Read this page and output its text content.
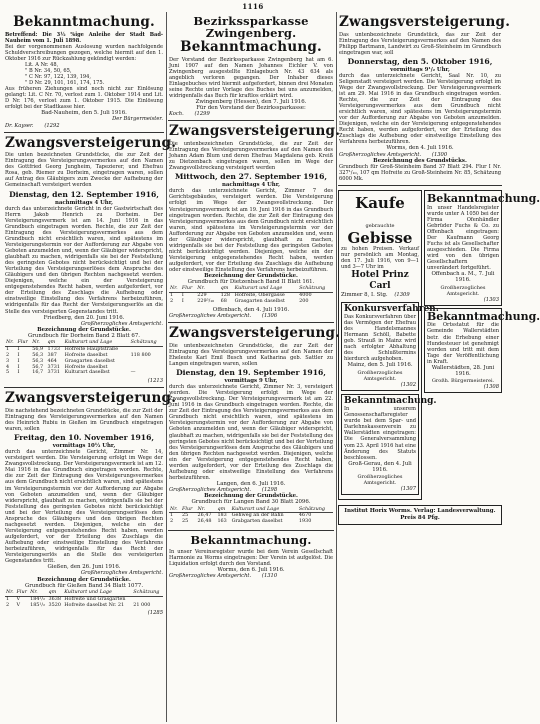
1116
Bekanntmachung.

Betreffend: Die 3½ %ige Anleihe der Stadt Bad-Nauheim vom 1. Juli 1898.

Bei der vorgenommenen Auslosung wurden nachfolgende Schuldverschreibungen gezogen, welche hiermit auf den 1. Oktober 1916 zur Rückzahlung gekündigt werden:

Lit. A Nr. 48,
" B Nr. 34, 50, 65,
" C Nr. 97, 122, 139, 194,
" D Nr. 29, 101, 161, 174, 175.

Aus früheren Ziehungen sind noch nicht zur Einlösung gelangt: Lit. C Nr. 70, verlost zum 1. Oktober 1914 und Lit. D Nr. 176, verlost zum 1. Oktober 1915. Die Einlösung erfolgt bei der Stadtkasse hier.

Bad-Nauheim, den 5. Juli 1916.

Der Bürgermeister.

Dr. Kayser.	(1292

Zwangsversteigerung.

Die unten bezeichneten Grundstücke, die zur Zeit der Eintragung des Versteigerungsvermerkes auf den Namen des Gottfried Georg Jungheim, Tapezierer, und Ehefrau Rosa, geb. Riemer zu Dorheim, eingetragen waren, sollen auf Antrag des Gläubigers zum Zwecke der Aufhebung der Gemeinschaft versteigert werden

Dienstag, den 12. September 1916,

nachmittags 4 Uhr,

durch das unterzeichnete Gericht in der Gastwirtschaft des Herrn Jakob Henrich zu Dorheim. Der Versteigerungsvermerk ist am 14. Juni 1916 in das Grundbuch eingetragen worden. Rechte, die zur Zeit der Eintragung des Versteigerungsvermerkes aus dem Grundbuch nicht ersichtlich waren, sind spätestens im Versteigerungstermin vor der Aufforderung zur Abgabe von Geboten anzumelden und, wenn der Gläubiger widerspricht, glaubhaft zu machen, widrigenfalls sie bei der Feststellung des geringsten Gebotes nicht berücksichtigt und bei der Verteilung des Versteigerungserlöses dem Anspruche des Gläubigers und den übrigen Rechten nachgesetzt werden. Diejenigen, welche ein der Versteigerung entgegenstehendes Recht haben, werden aufgefordert, vor der Erteilung des Zuschlags die Aufhebung oder einstweilige Einstellung des Verfahrens herbeizuführen, widrigenfalls für das Recht der Versteigerungserlös an die Stelle des versteigerten Gegenstandes tritt.

Friedberg, den 20. Juni 1916.

Großherzogliches Amtsgericht.

Bezeichnung der Grundstücke.

Grundbuch für Dorheim Band 2 Blatt 67.

Nr.	Flur	Nr.	qm	Kulturart und Lage	Schätzung
1	I	56,9	1733	Hofreite Hauptstraße	
2	I	56,3	387	Hofreite daselbst	118 800
3	I	56,3	464	Grasgarten daselbst	
4	I	56,7	3731	Hofreite daselbst	
5	I	16,7	3731	Kulturart daselbst	—

(1213

Zwangsversteigerung.

Die nachstehend bezeichneten Grundstücke, die zur Zeit der Eintragung des Versteigerungsvermerkes auf den Namen des Heinrich Rubiu in Gießen im Grundbuch eingetragen waren, sollen

Freitag, den 10. November 1916,

vormittags 10½ Uhr,

durch das unterzeichnete Gericht, Zimmer Nr. 14, versteigert werden. Die Versteigerung erfolgt im Wege der Zwangsvollstreckung. Der Versteigerungsvermerk ist am 12. Mai 1916 in das Grundbuch eingetragen worden. Rechte, die zur Zeit der Eintragung des Versteigerungsvermerkes aus dem Grundbuch nicht ersichtlich waren, sind spätestens im Versteigerungstermin vor der Aufforderung zur Abgabe von Geboten anzumelden und, wenn der Gläubiger widerspricht, glaubhaft zu machen, widrigenfalls sie bei der Feststellung des geringsten Gebotes nicht berücksichtigt und bei der Verteilung des Versteigerungserlöses dem Anspruche des Gläubigers und den übrigen Rechten nachgesetzt werden. Diejenigen, welche ein der Versteigerung entgegenstehendes Recht haben, werden aufgefordert, vor der Erteilung des Zuschlags die Aufhebung oder einstweilige Einstellung des Verfahrens herbeizuführen, widrigenfalls für das Recht der Versteigerungserlös an die Stelle des versteigerten Gegenstandes tritt.

Gießen, den 26. Juni 1916.

Großherzogliches Amtsgericht.

Bezeichnung der Grundstücke.

Grundbuch für Gießen Band 34 Blatt 1077.

Nr.	Flur	Nr.	qm	Kulturart und Lage	Schätzung
1	V	184¹/₂	3638	Hofreite und Grasgarten	
2	V	185¹/₂	3520	Hofreite daselbst Nr. 21	21 000

(1285

Bezirkssparkasse Zwingenberg.
Bekanntmachung.

Der Vorstand der Bezirkssparkasse Zwingenberg hat am 6. Juni 1907 auf den Namen Johannes Eichler V. von Zwingenberg ausgestellte Einlagebuch Nr. 43 634 als angeblich verloren gegangen. Der Inhaber dieses Einlagebuches wird hiermit aufgefordert, binnen drei Monaten seine Rechte unter Vorlage des Buches bei uns anzumelden, widrigenfalls das Buch für kraftlos erklärt wird.

Zwingenberg (Hessen), den 7. Juli 1916.

Für den Vorstand der Bezirkssparkasse:

Koch.	(1299

Zwangsversteigerung.

Die untenbezeichneten Grundstücke, die zur Zeit der Eintragung des Versteigerungsvermerkes auf den Namen des Johann Adam Blum und deren Ehefrau Magdalena geb. Kreiß zu Dietzenbach eingetragen waren, sollen im Wege der Zwangsvollstreckung versteigert werden

Mittwoch, den 27. September 1916,

nachmittags 4 Uhr,

durch das unterzeichnete Gericht, Zimmer 7 des Gerichtsgebäudes, versteigert werden. Die Versteigerung erfolgt im Wege der Zwangsvollstreckung. Der Versteigerungsvermerk ist am 19. Juni 1916 in das Grundbuch eingetragen worden. Rechte, die zur Zeit der Eintragung des Versteigerungsvermerkes aus dem Grundbuch nicht ersichtlich waren, sind spätestens im Versteigerungstermin vor der Aufforderung zur Abgabe von Geboten anzumelden und, wenn der Gläubiger widerspricht, glaubhaft zu machen, widrigenfalls sie bei der Feststellung des geringsten Gebotes nicht berücksichtigt werden. Diejenigen, welche ein der Versteigerung entgegenstehendes Recht haben, werden aufgefordert, vor der Erteilung des Zuschlags die Aufhebung oder einstweilige Einstellung des Verfahrens herbeizuführen.

Bezeichnung der Grundstücke.

Grundbuch für Dietzenbach Band II Blatt 161.

Nr.	Flur	Nr.	qm	Kulturart und Lage	Schätzung
1	I	229	128	Hofreite, Obergasse	4000
2	I	229⁵/₁₀	68	Grasgarten daselbst	200

Offenbach, den 4. Juli 1916.

Großherzogliches Amtsgericht.	(1306

Zwangsversteigerung.

Die untenbezeichneten Grundstücke, die zur Zeit der Eintragung des Versteigerungsvermerkes auf den Namen der Eheleute Karl Emil Busch und Katharina geb. Sattler zu Langen eingetragen waren, sollen

Dienstag, den 19. September 1916,

vormittags 9 Uhr,

durch das unterzeichnete Gericht, Zimmer Nr. 3, versteigert werden. Die Versteigerung erfolgt im Wege der Zwangsvollstreckung. Der Versteigerungsvermerk ist am 22. Juni 1916 in das Grundbuch eingetragen worden. Rechte, die zur Zeit der Eintragung des Versteigerungsvermerkes aus dem Grundbuch nicht ersichtlich waren, sind spätestens im Versteigerungstermin vor der Aufforderung zur Abgabe von Geboten anzumelden und, wenn der Gläubiger widerspricht, glaubhaft zu machen, widrigenfalls sie bei der Feststellung des geringsten Gebotes nicht berücksichtigt und bei der Verteilung des Versteigerungserlöses dem Anspruche des Gläubigers und den übrigen Rechten nachgesetzt werden. Diejenigen, welche ein der Versteigerung entgegenstehendes Recht haben, werden aufgefordert, vor der Erteilung des Zuschlags die Aufhebung oder einstweilige Einstellung des Verfahrens herbeizuführen.

Langen, den 6. Juli 1916.

Großherzogliches Amtsgericht.	(1298

Bezeichnung der Grundstücke.

Grundbuch für Langen Band 30 Blatt 2096.

Nr.	Flur	Nr.	qm	Kulturart und Lage	Schätzung
1	25	26,47	183	Gehweg an der Bahn	4670
2	25	26,48	163	Grabgarten daselbst	1930
Bekanntmachung.

In unser Vereinsregister wurde bei dem Verein Gesellschaft Harmonie zu Worms eingetragen: Der Verein ist aufgelöst. Die Liquidation erfolgt durch den Vorstand.

Worms, den 6. Juli 1916.

Großherzogliches Amtsgericht.	(1310

Zwangsversteigerung.

Das untenbezeichnete Grundstück, das zur Zeit der Eintragung des Versteigerungsvermerkes auf den Namen des Philipp Bartmann, Landwirt zu Groß-Steinheim im Grundbuch eingetragen war, soll

Donnerstag, den 5. Oktober 1916,

vormittags 9¹/₂ Uhr,

durch das unterzeichnete Gericht, Saal Nr. 10, zu Seligenstadt versteigert werden. Die Versteigerung erfolgt im Wege der Zwangsvollstreckung. Der Versteigerungsvermerk ist am 29. Mai 1916 in das Grundbuch eingetragen worden. Rechte, die zur Zeit der Eintragung des Versteigerungsvermerkes aus dem Grundbuch nicht ersichtlich waren, sind spätestens im Versteigerungstermin vor der Aufforderung zur Abgabe von Geboten anzumelden. Diejenigen, welche ein der Versteigerung entgegenstehendes Recht haben, werden aufgefordert, vor der Erteilung des Zuschlags die Aufhebung oder einstweilige Einstellung des Verfahrens herbeizuführen.

Worms, den 4. Juli 1916.

Großherzogliches Amtsgericht.	(1300

Bezeichnung des Grundstücks.

Grundbuch für Groß-Steinheim Band 37 Blatt 294. Flur I Nr. 327¹/₁₀, 107 qm Hofreite zu Groß-Steinheim Nr. 85, Schätzung 6000 Mk.

Kaufe gebrauchte
Gebisse

zu hohen Preisen. Verkauf nur persönlich am Montag, den 17. Juli 1916, von 9—1 und 3—7 Uhr im

Hotel Prinz Carl

Zimmer 8, I. Stg.	(1309

Konkursverfahren.

Das Konkursverfahren über das Vermögen der Ehefrau des Handelsmannes Hermann Schöll, Babette geb. Strauß in Mainz wird nach erfolgter Abhaltung des Schlußtermins hierdurch aufgehoben.

Mainz, den 5. Juli 1916.

Großherzogliches Amtsgericht.

(1302

Bekanntmachung.

In unserem Genossenschaftsregister wurde bei dem Spar- und Darlehnskassenverein zu Wallerstädten eingetragen: Die Generalversammlung vom 23. April 1916 hat eine Änderung des Statuts beschlossen.

Groß-Gerau, den 4. Juli 1916.

Großherzogliches Amtsgericht.

(1307

Bekanntmachung.

In unser Handelsregister wurde unter A 1050 bei der Firma Ofenhändler Gebrüder Fuchs & Co. zu Offenbach eingetragen: Der Kaufmann Georg Fuchs ist als Gesellschafter ausgeschieden. Die Firma wird von den übrigen Gesellschaftern unverändert fortgeführt.

Offenbach a. M., 7. Juli 1916.

Großherzogliches Amtsgericht.

(1303

Bekanntmachung.

Die Ortsstatut für die Gemeinde Wallerstädten betr. die Erhebung einer Hundesteuer ist genehmigt worden und tritt mit dem Tage der Veröffentlichung in Kraft.

Wallerstädten, 28. Juni 1916.

Großh. Bürgermeisterei.

(1308

Institut Horix Worms. Verlag: Landesverwaltung. Preis 84 Pfg.
